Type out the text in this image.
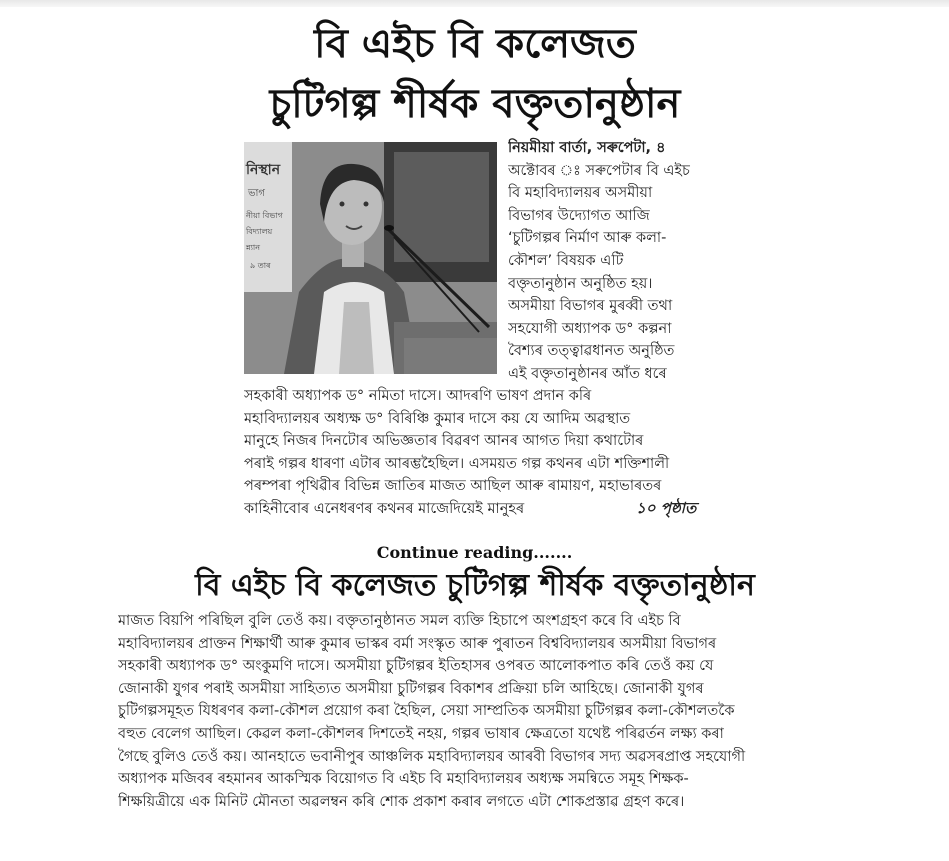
বি এইচ বি কলেজত
চুটিগল্প শীৰ্ষক বক্তৃতানুষ্ঠান
নিস্থান
ভাগ
নীয়া বিভাগ
বিদ্যালয়
ন্ন্যান
৯ তাৰ
নিয়মীয়া বাৰ্তা, সৰুপেটা, ৪
অক্টোবৰ ঃ সৰুপেটাৰ বি এইচ
বি মহাবিদ্যালয়ৰ অসমীয়া
বিভাগৰ উদ্যোগত আজি
‘চুটিগল্পৰ নিৰ্মাণ আৰু কলা-
কৌশল’ বিষয়ক এটি
বক্তৃতানুষ্ঠান অনুষ্ঠিত হয়।
অসমীয়া বিভাগৰ মুৰব্বী তথা
সহযোগী অধ্যাপক ড° কল্পনা
বৈশ্যৰ তত্ত্বাৱধানত অনুষ্ঠিত
এই বক্তৃতানুষ্ঠানৰ আঁত ধৰে
সহকাৰী অধ্যাপক ড° নমিতা দাসে। আদৰণি ভাষণ প্ৰদান কৰি
মহাবিদ্যালয়ৰ অধ্যক্ষ ড° বিৰিঞ্চি কুমাৰ দাসে কয় যে আদিম অৱস্থাত
মানুহে নিজৰ দিনটোৰ অভিজ্ঞতাৰ বিৱৰণ আনৰ আগত দিয়া কথাটোৰ
পৰাই গল্পৰ ধাৰণা এটাৰ আৰম্ভহৈছিল। এসময়ত গল্প কথনৰ এটা শক্তিশালী
পৰম্পৰা পৃথিৱীৰ বিভিন্ন জাতিৰ মাজত আছিল আৰু ৰামায়ণ, মহাভাৰতৰ
কাহিনীবোৰ এনেধৰণৰ কথনৰ মাজেদিয়েই মানুহৰ	১০ পৃষ্ঠাত
Continue reading.......
বি এইচ বি কলেজত চুটিগল্প শীৰ্ষক বক্তৃতানুষ্ঠান
মাজত বিয়পি পৰিছিল বুলি তেওঁ কয়। বক্তৃতানুষ্ঠানত সমল ব্যক্তি হিচাপে অংশগ্ৰহণ কৰে বি এইচ বি
মহাবিদ্যালয়ৰ প্ৰাক্তন শিক্ষাৰ্থী আৰু কুমাৰ ভাস্কৰ বৰ্মা সংস্কৃত আৰু পুৰাতন বিশ্ববিদ্যালয়ৰ অসমীয়া বিভাগৰ
সহকাৰী অধ্যাপক ড° অংকুমণি দাসে। অসমীয়া চুটিগল্পৰ ইতিহাসৰ ওপৰত আলোকপাত কৰি তেওঁ কয় যে
জোনাকী যুগৰ পৰাই অসমীয়া সাহিত্যত অসমীয়া চুটিগল্পৰ বিকাশৰ প্ৰক্ৰিয়া চলি আহিছে। জোনাকী যুগৰ
চুটিগল্পসমূহত যিধৰণৰ কলা-কৌশল প্ৰয়োগ কৰা হৈছিল, সেয়া সাম্প্ৰতিক অসমীয়া চুটিগল্পৰ কলা-কৌশলতকৈ
বহুত বেলেগ আছিল। কেৱল কলা-কৌশলৰ দিশতেই নহয়, গল্পৰ ভাষাৰ ক্ষেত্ৰতো যথেষ্ট পৰিৱৰ্তন লক্ষ্য কৰা
গৈছে বুলিও তেওঁ কয়। আনহাতে ভবানীপুৰ আঞ্চলিক মহাবিদ্যালয়ৰ আৰবী বিভাগৰ সদ্য অৱসৰপ্ৰাপ্ত সহযোগী
অধ্যাপক মজিবৰ ৰহমানৰ আকস্মিক বিয়োগত বি এইচ বি মহাবিদ্যালয়ৰ অধ্যক্ষ সমন্বিতে সমূহ শিক্ষক-
শিক্ষয়িত্ৰীয়ে এক মিনিট মৌনতা অৱলম্বন কৰি শোক প্ৰকাশ কৰাৰ লগতে এটা শোকপ্ৰস্তাৱ গ্ৰহণ কৰে।
